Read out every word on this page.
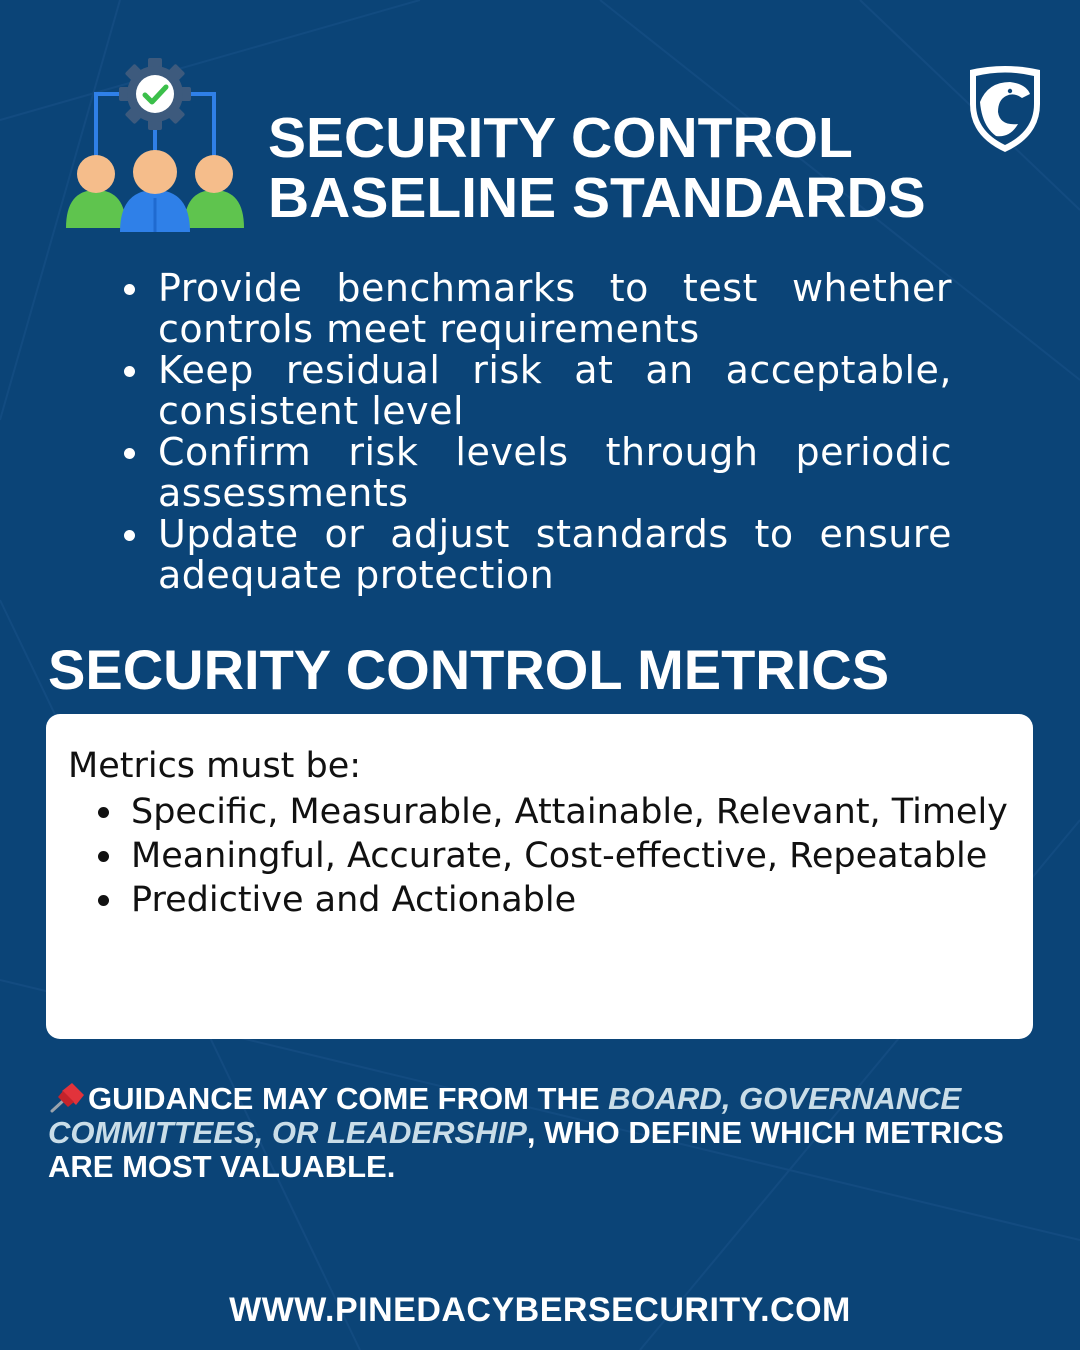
SECURITY CONTROL
BASELINE STANDARDS
Provide benchmarks to test whether controls meet requirements
Keep residual risk at an acceptable, consistent level
Confirm risk levels through periodic assessments
Update or adjust standards to ensure adequate protection
SECURITY CONTROL METRICS

Metrics must be:

Specific, Measurable, Attainable, Relevant, Timely
Meaningful, Accurate, Cost-effective, Repeatable
Predictive and Actionable

GUIDANCE MAY COME FROM THE BOARD, GOVERNANCE COMMITTEES, OR LEADERSHIP, WHO DEFINE WHICH METRICS ARE MOST VALUABLE.

WWW.PINEDACYBERSECURITY.COM
